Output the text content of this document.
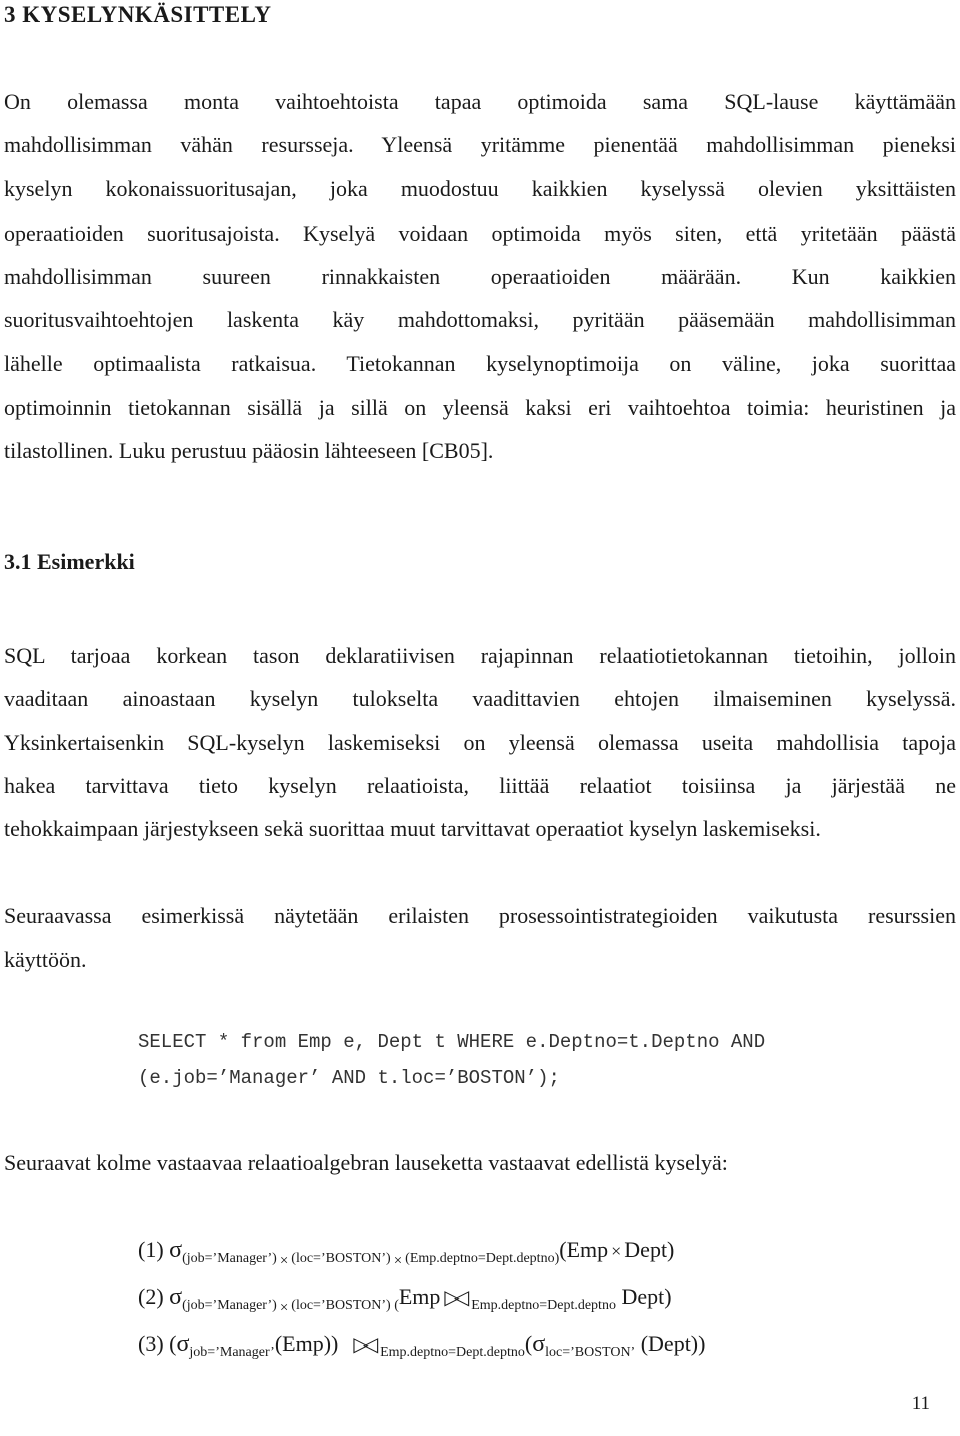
3 KYSELYNKÄSITTELY
On olemassa monta vaihtoehtoista tapaa optimoida sama SQL-lause käyttämään
mahdollisimman vähän resursseja. Yleensä yritämme pienentää mahdollisimman pieneksi
kyselyn kokonaissuoritusajan, joka muodostuu kaikkien kyselyssä olevien yksittäisten
operaatioiden suoritusajoista. Kyselyä voidaan optimoida myös siten, että yritetään päästä
mahdollisimman suureen rinnakkaisten operaatioiden määrään. Kun kaikkien
suoritusvaihtoehtojen laskenta käy mahdottomaksi, pyritään pääsemään mahdollisimman
lähelle optimaalista ratkaisua. Tietokannan kyselynoptimoija on väline, joka suorittaa
optimoinnin tietokannan sisällä ja sillä on yleensä kaksi eri vaihtoehtoa toimia: heuristinen ja
tilastollinen. Luku perustuu pääosin lähteeseen [CB05].
3.1 Esimerkki
SQL tarjoaa korkean tason deklaratiivisen rajapinnan relaatiotietokannan tietoihin, jolloin
vaaditaan ainoastaan kyselyn tulokselta vaadittavien ehtojen ilmaiseminen kyselyssä.
Yksinkertaisenkin SQL-kyselyn laskemiseksi on yleensä olemassa useita mahdollisia tapoja
hakea tarvittava tieto kyselyn relaatioista, liittää relaatiot toisiinsa ja järjestää ne
tehokkaimpaan järjestykseen sekä suorittaa muut tarvittavat operaatiot kyselyn laskemiseksi.
Seuraavassa esimerkissä näytetään erilaisten prosessointistrategioiden vaikutusta resurssien
käyttöön.
SELECT * from Emp e, Dept t WHERE e.Deptno=t.Deptno AND
(e.job=’Manager’ AND t.loc=’BOSTON’);
Seuraavat kolme vastaavaa relaatioalgebran lauseketta vastaavat edellistä kyselyä:
(1) $\sigma_{(job=’Manager’) \times (loc=’BOSTON’) \times (Emp.deptno=Dept.deptno)}(Emp$ × Dept)
(2) $\sigma_{(job=’Manager’) \times (loc=’BOSTON’) (}Emp$ ▷◁ $_{Emp.deptno=Dept.deptno}$ Dept)
(3) $(\sigma_{job=’Manager’}(Emp))$ ▷◁ $_{Emp.deptno=Dept.deptno}(\sigma_{loc=’BOSTON’}$ (Dept))
11
